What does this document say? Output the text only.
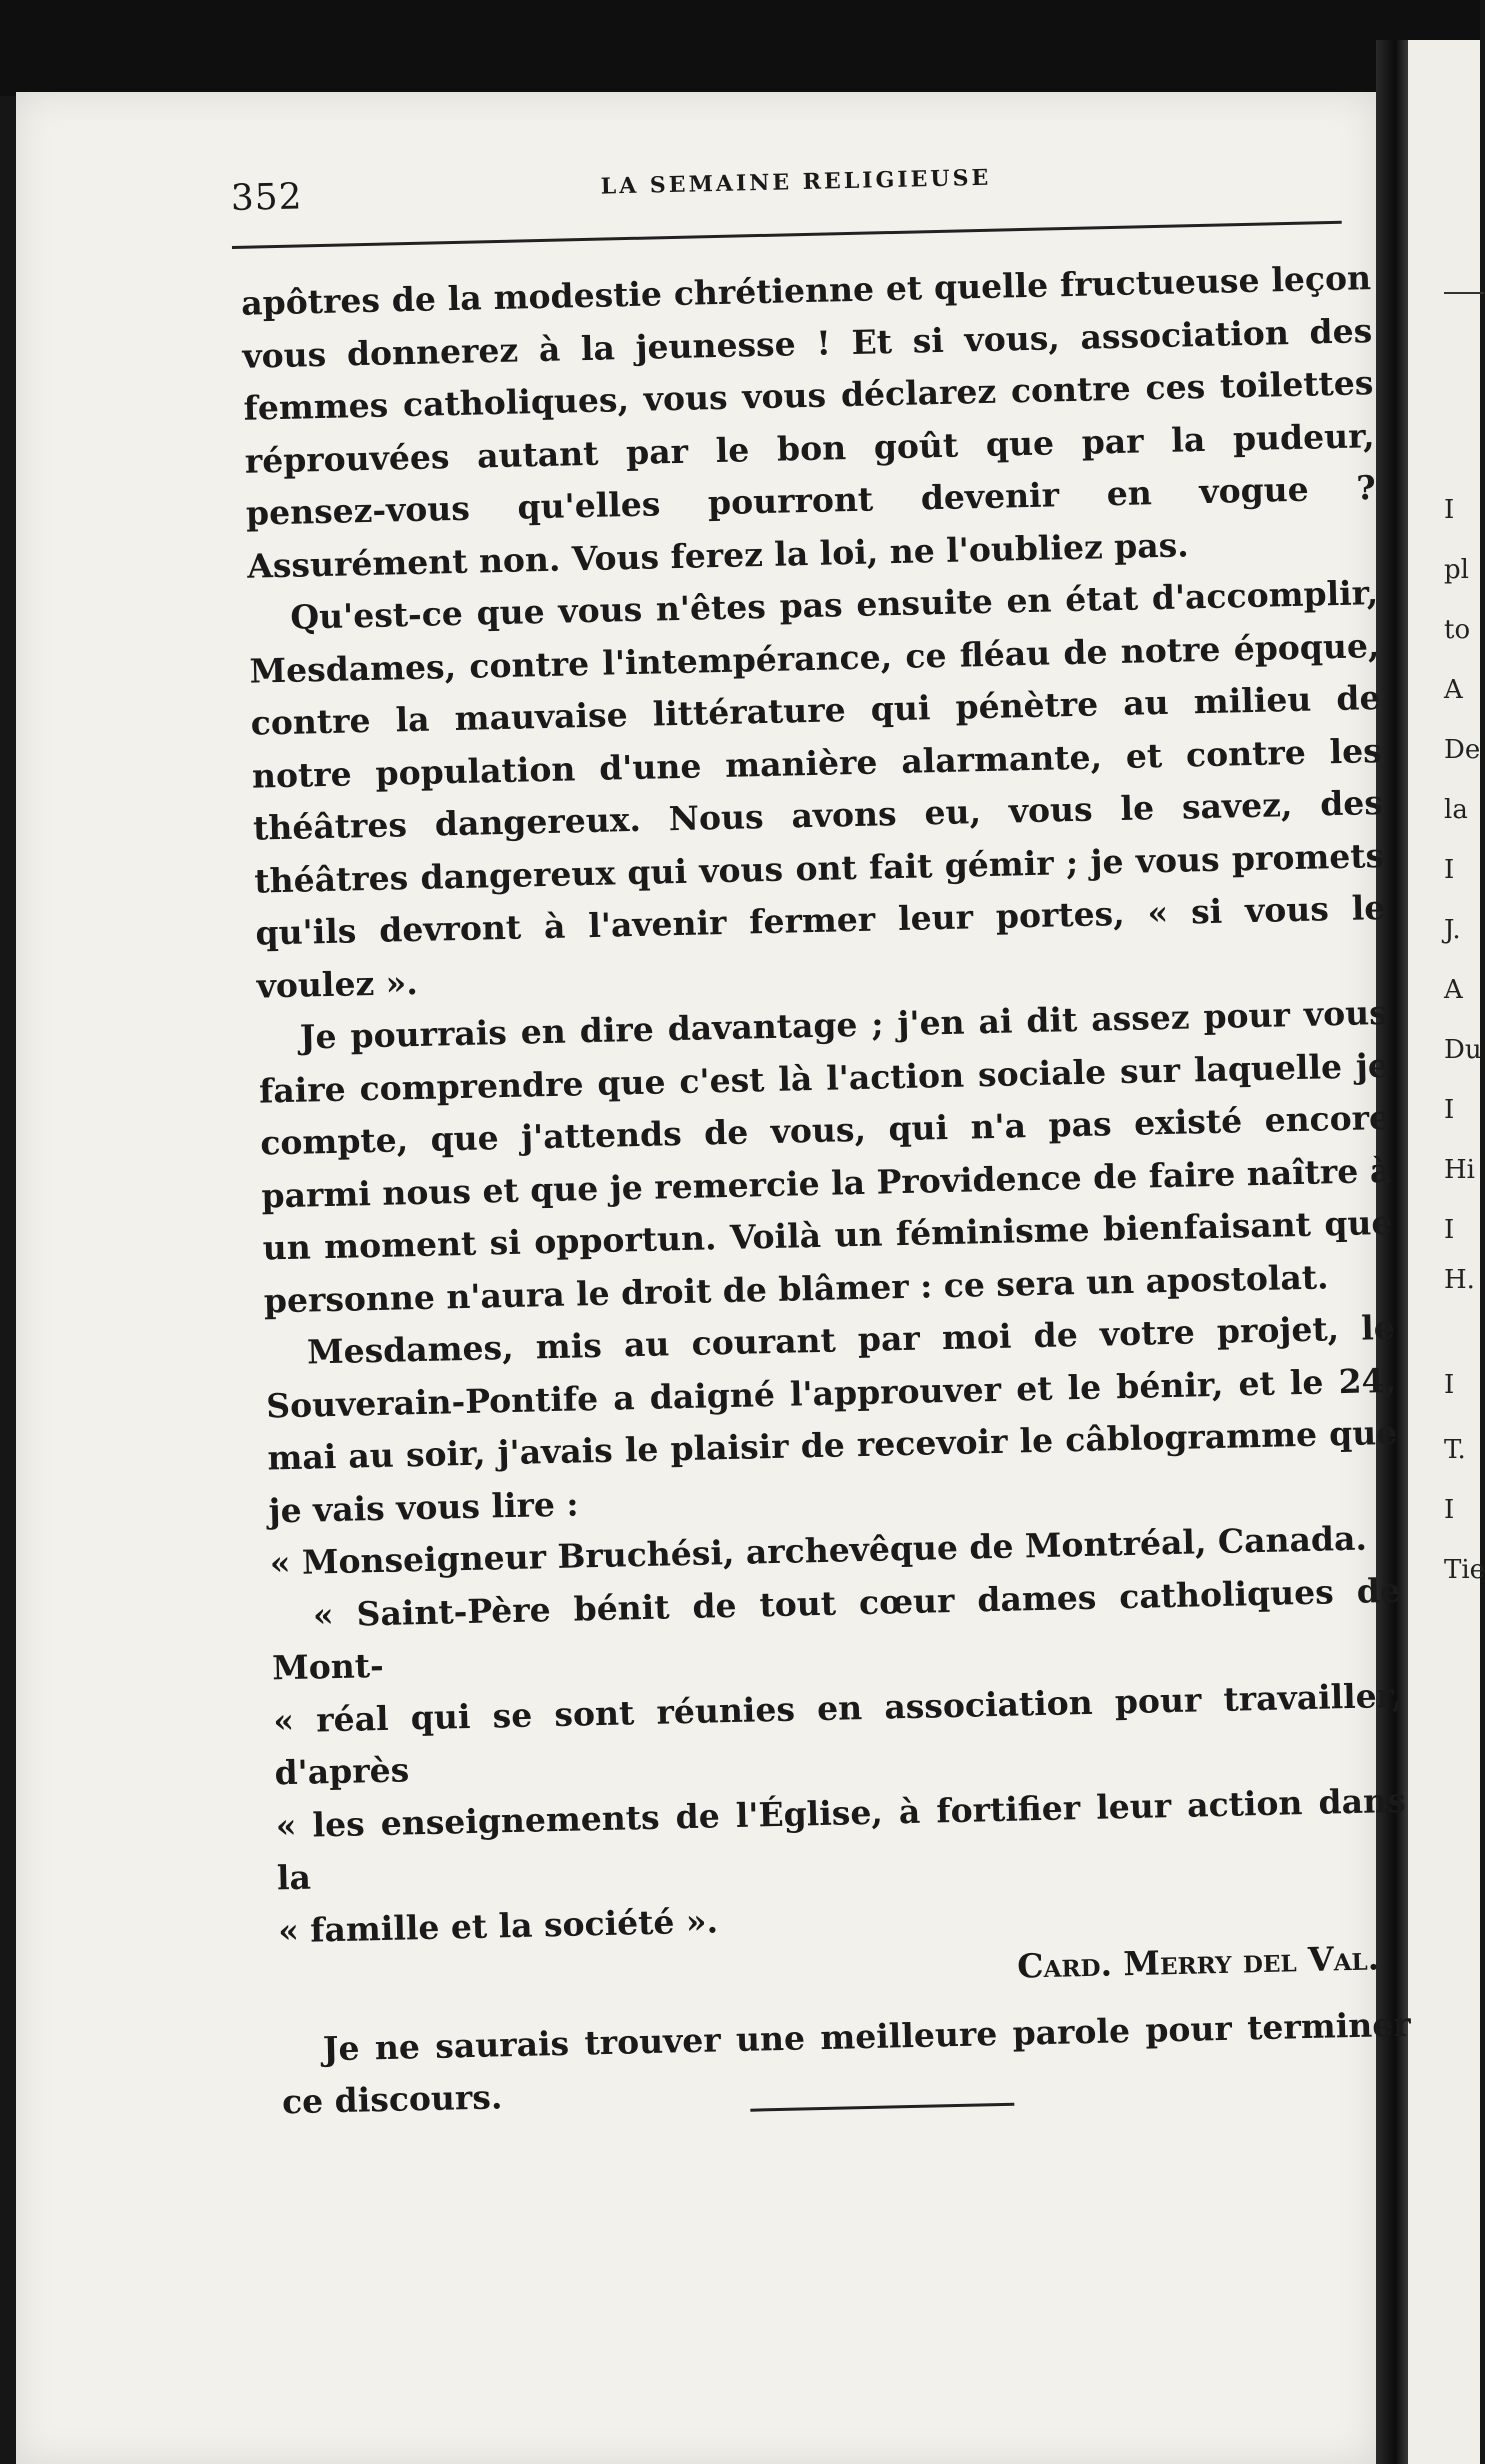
I
pl
to
A
De
la
I
J.
A
Du
I
Hi
I
H.
I
T.
I
Tie
352	LA SEMAINE RELIGIEUSE

apôtres de la modestie chrétienne et quelle fructueuse leçon vous donnerez à la jeunesse ! Et si vous, association des femmes catholiques, vous vous déclarez contre ces toilettes réprouvées autant par le bon goût que par la pudeur, pensez-vous qu'elles pourront devenir en vogue ? Assurément non. Vous ferez la loi, ne l'oubliez pas.

Qu'est-ce que vous n'êtes pas ensuite en état d'accomplir, Mesdames, contre l'intempérance, ce fléau de notre époque, contre la mauvaise littérature qui pénètre au milieu de notre population d'une manière alarmante, et contre les théâtres dangereux. Nous avons eu, vous le savez, des théâtres dangereux qui vous ont fait gémir ; je vous promets qu'ils devront à l'avenir fermer leur portes, « si vous le voulez ».

Je pourrais en dire davantage ; j'en ai dit assez pour vous faire comprendre que c'est là l'action sociale sur laquelle je compte, que j'attends de vous, qui n'a pas existé encore parmi nous et que je remercie la Providence de faire naître à un moment si opportun. Voilà un féminisme bienfaisant que personne n'aura le droit de blâmer : ce sera un apostolat.

Mesdames, mis au courant par moi de votre projet, le Souverain-Pontife a daigné l'approuver et le bénir, et le 24, mai au soir, j'avais le plaisir de recevoir le câblogramme que je vais vous lire :

« Monseigneur Bruchési, archevêque de Montréal, Canada.

« Saint-Père bénit de tout cœur dames catholiques de Mont-

« réal qui se sont réunies en association pour travailler, d'après

« les enseignements de l'Église, à fortifier leur action dans la

« famille et la société ».

Card. Merry del Val.

Je ne saurais trouver une meilleure parole pour terminer ce discours.
